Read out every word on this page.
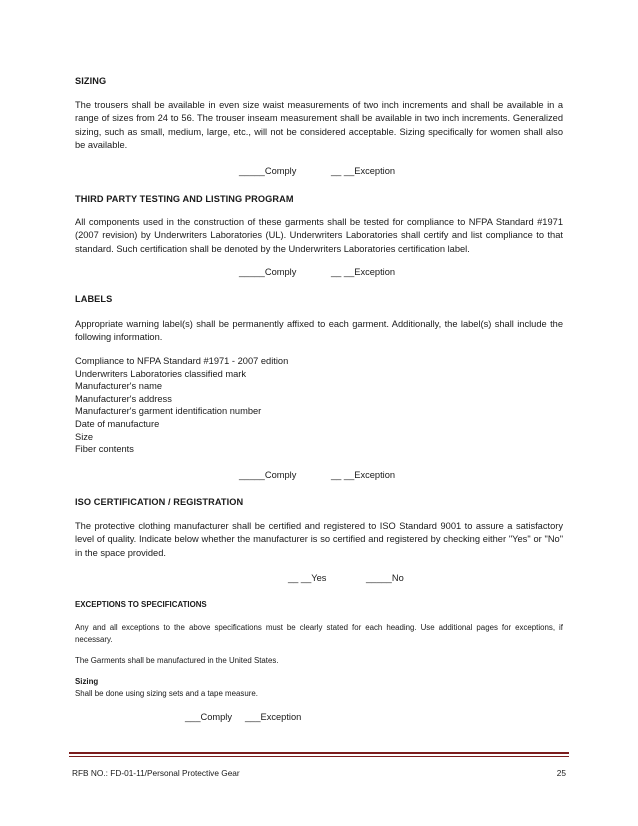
SIZING
The trousers shall be available in even size waist measurements of two inch increments and shall be available in a range of sizes from 24 to 56. The trouser inseam measurement shall be available in two inch increments. Generalized sizing, such as small, medium, large, etc., will not be considered acceptable. Sizing specifically for women shall also be available.
_____Comply	__ __Exception
THIRD PARTY TESTING AND LISTING PROGRAM
All components used in the construction of these garments shall be tested for compliance to NFPA Standard #1971 (2007 revision) by Underwriters Laboratories (UL). Underwriters Laboratories shall certify and list compliance to that standard. Such certification shall be denoted by the Underwriters Laboratories certification label.
_____Comply	__ __Exception
LABELS
Appropriate warning label(s) shall be permanently affixed to each garment. Additionally, the label(s) shall include the following information.
Compliance to NFPA Standard #1971 - 2007 edition
Underwriters Laboratories classified mark
Manufacturer's name
Manufacturer's address
Manufacturer's garment identification number
Date of manufacture
Size
Fiber contents
_____Comply	__ __Exception
ISO CERTIFICATION / REGISTRATION
The protective clothing manufacturer shall be certified and registered to ISO Standard 9001 to assure a satisfactory level of quality. Indicate below whether the manufacturer is so certified and registered by checking either "Yes" or "No" in the space provided.
__ __Yes	_____No
EXCEPTIONS TO SPECIFICATIONS
Any and all exceptions to the above specifications must be clearly stated for each heading. Use additional pages for exceptions, if necessary.
The Garments shall be manufactured in the United States.
Sizing
Shall be done using sizing sets and a tape measure.
___Comply ___Exception
RFB NO.: FD-01-11/Personal Protective Gear	25
